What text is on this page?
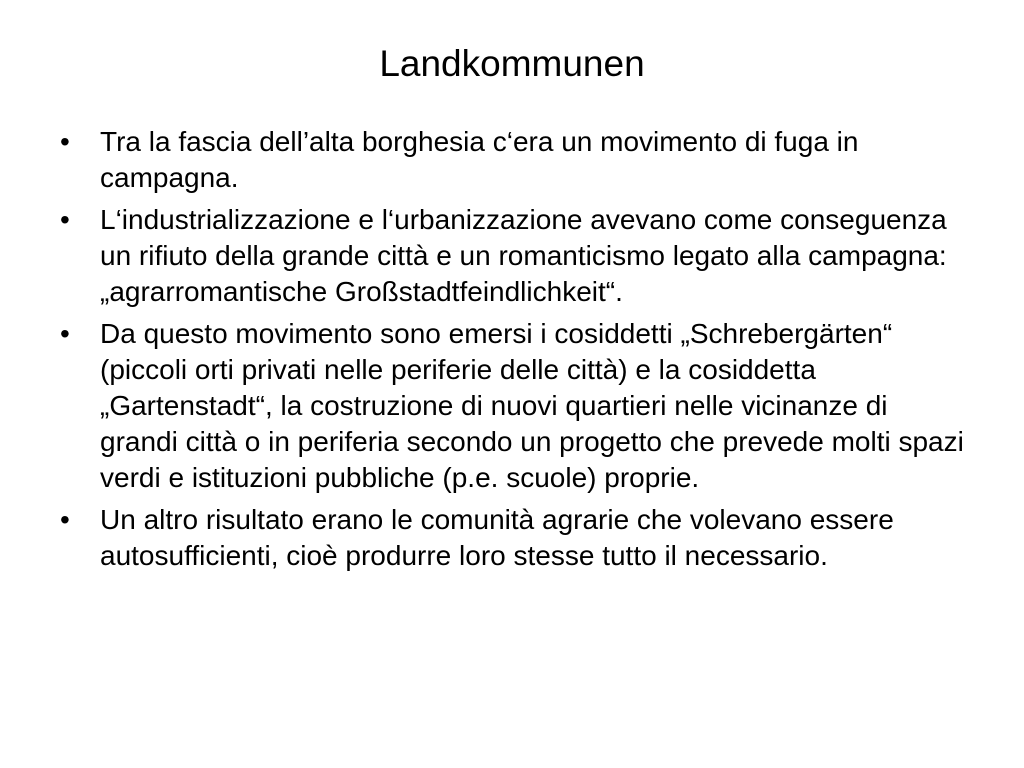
Landkommunen
• Tra la fascia dell’alta borghesia c‘era un movimento di fuga in campagna.
• L‘industrializzazione e l‘urbanizzazione avevano come conseguenza un rifiuto della grande città e un romanticismo legato alla campagna: „agrarromantische Großstadtfeindlichkeit“.
• Da questo movimento sono emersi i cosiddetti „Schrebergärten“ (piccoli orti privati nelle periferie delle città) e la cosiddetta „Gartenstadt“, la costruzione di nuovi quartieri nelle vicinanze di grandi città o in periferia secondo un progetto che prevede molti spazi verdi e istituzioni pubbliche (p.e. scuole) proprie.
• Un altro risultato erano le comunità agrarie che volevano essere autosufficienti, cioè produrre loro stesse tutto il necessario.
